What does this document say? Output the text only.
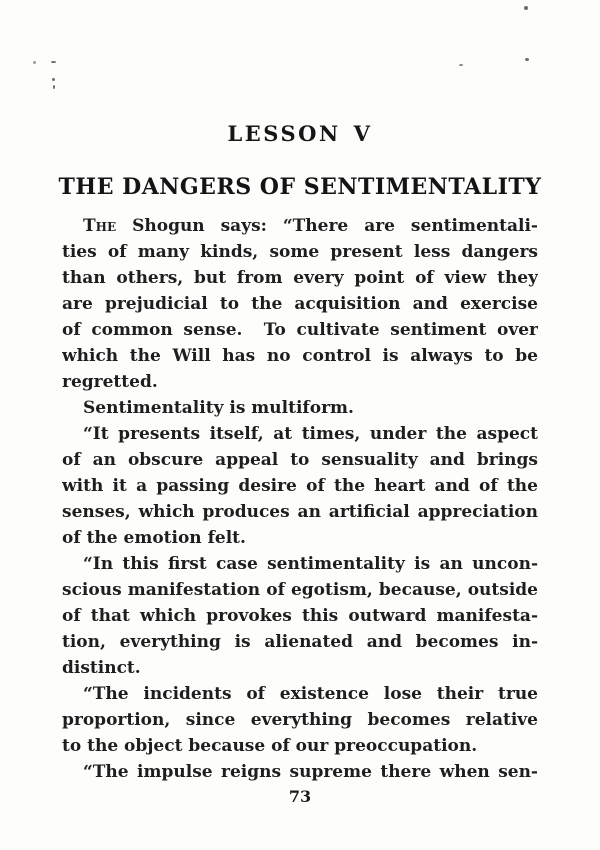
LESSON V
THE DANGERS OF SENTIMENTALITY
The Shogun says: “There are sentimentali-
ties of many kinds, some present less dangers
than others, but from every point of view they
are prejudicial to the acquisition and exercise
of common sense.  To cultivate sentiment over
which the Will has no control is always to be
regretted.
Sentimentality is multiform.
“It presents itself, at times, under the aspect
of an obscure appeal to sensuality and brings
with it a passing desire of the heart and of the
senses, which produces an artificial appreciation
of the emotion felt.
“In this first case sentimentality is an uncon-
scious manifestation of egotism, because, outside
of that which provokes this outward manifesta-
tion, everything is alienated and becomes in-
distinct.
“The incidents of existence lose their true
proportion, since everything becomes relative
to the object because of our preoccupation.
“The impulse reigns supreme there when sen-
73
